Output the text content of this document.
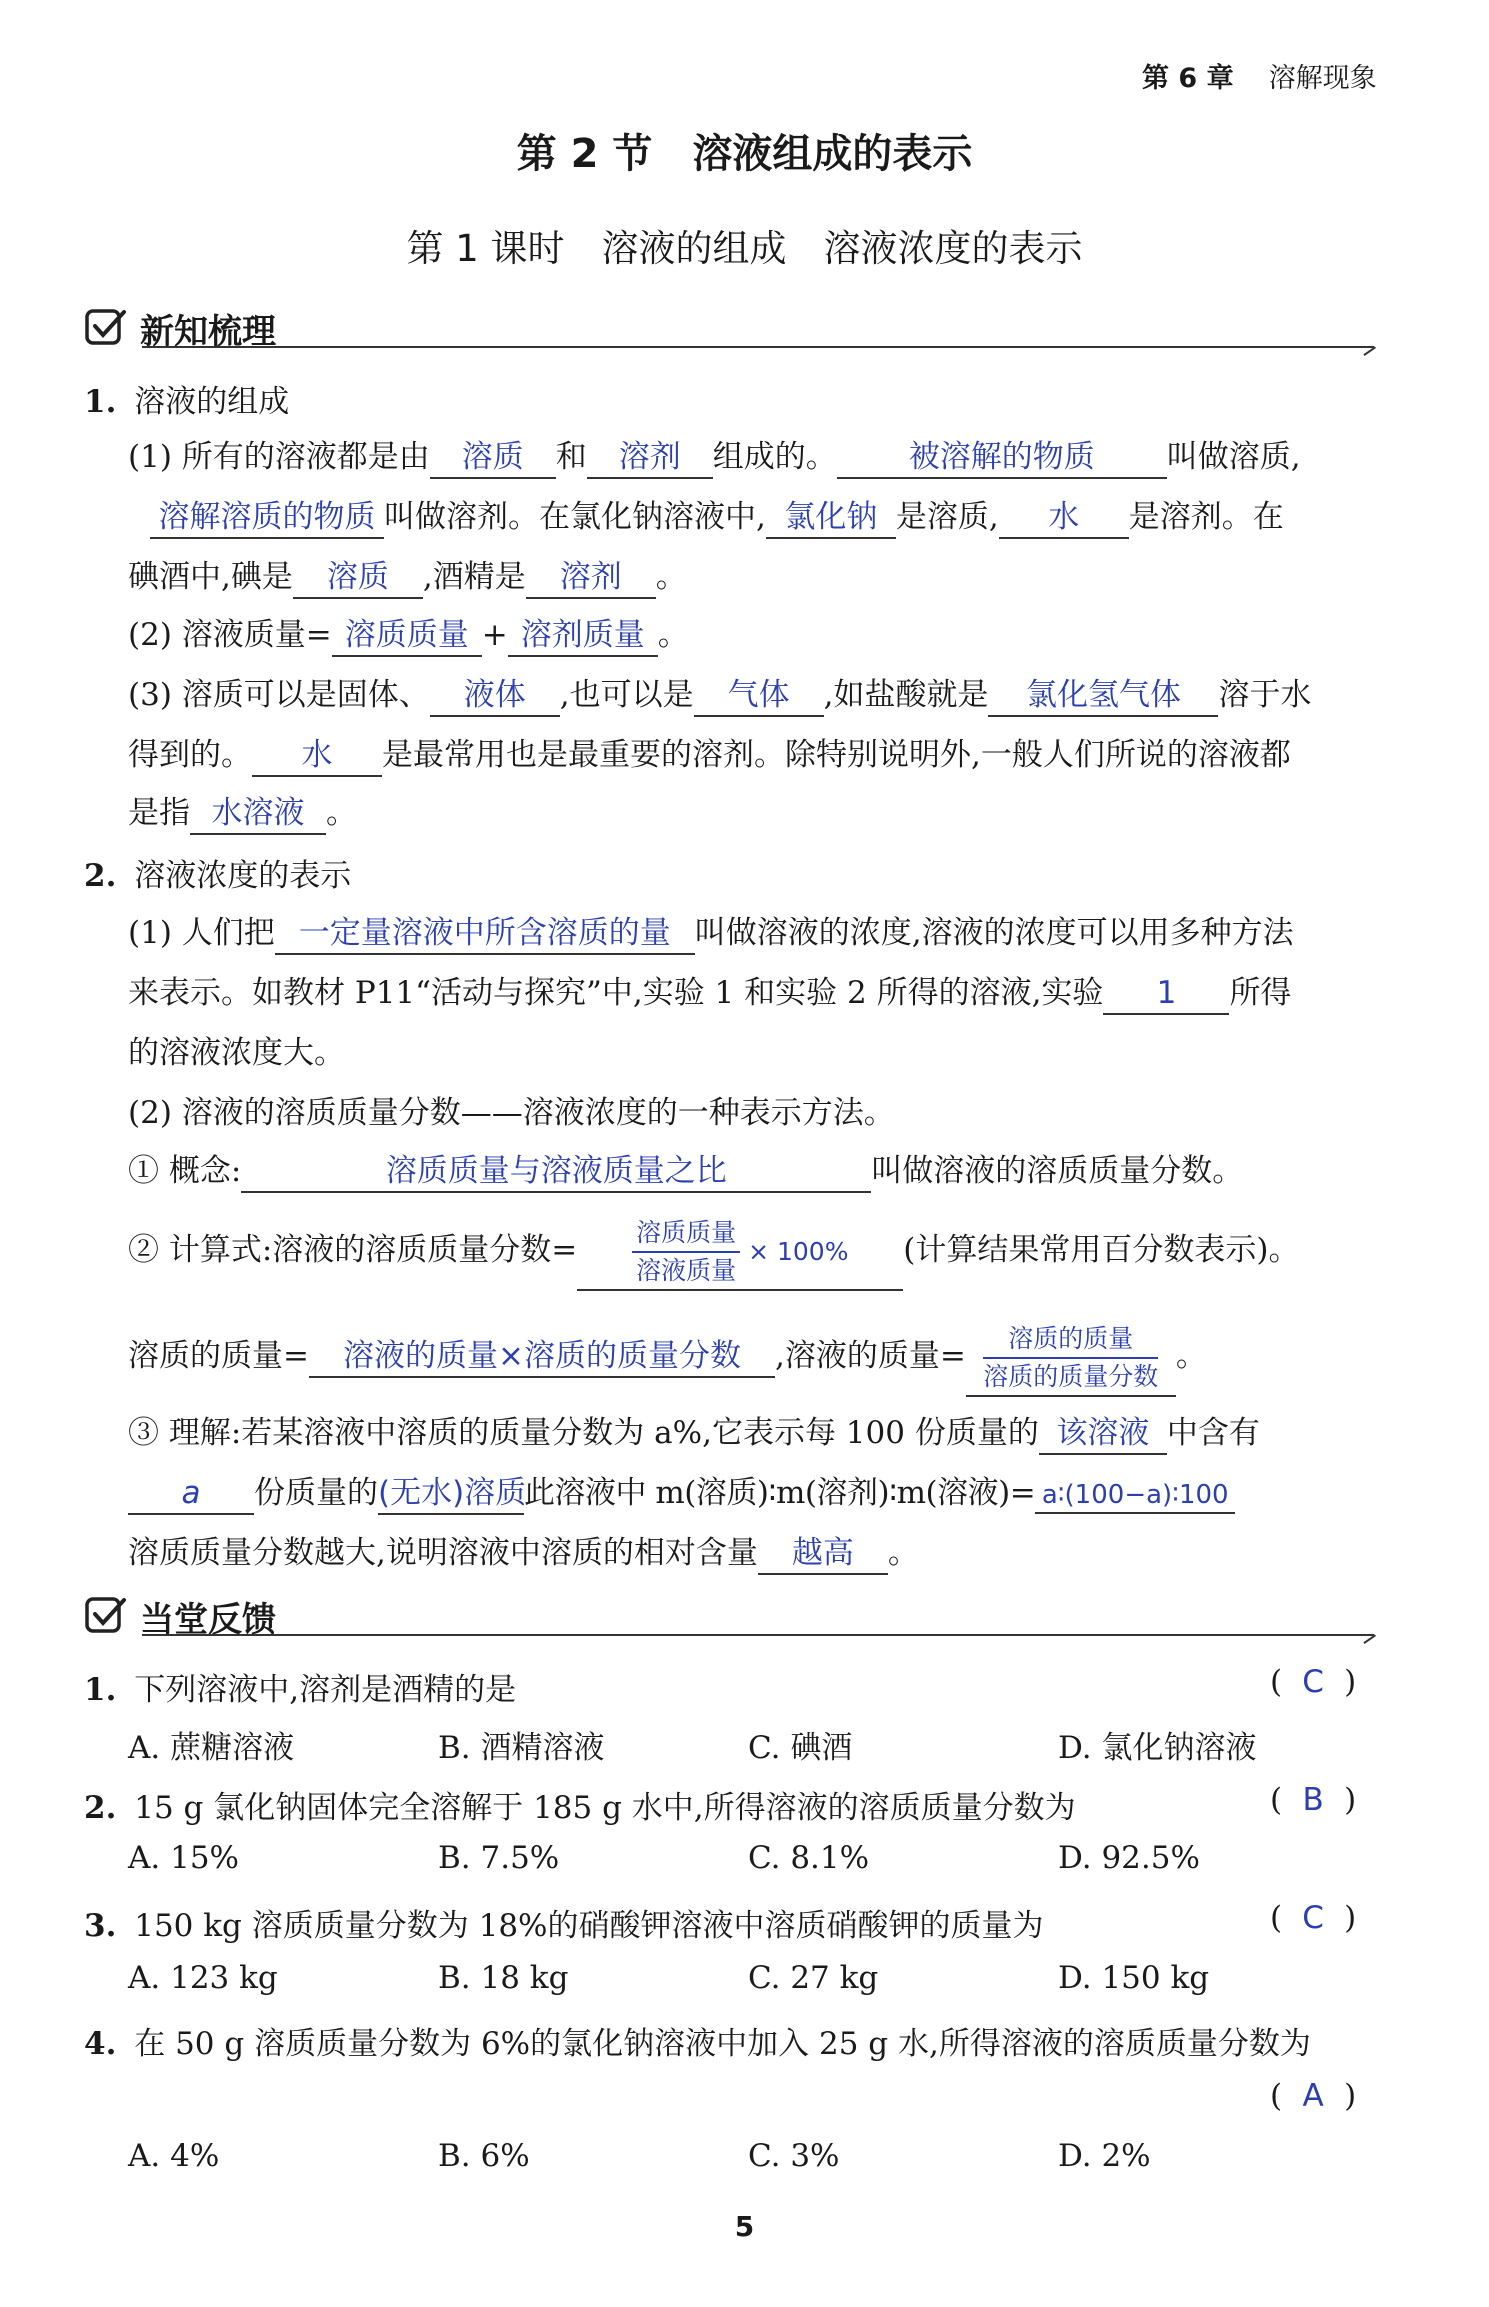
第 6 章 溶解现象
第 2 节　溶液组成的表示
第 1 课时　溶液的组成　溶液浓度的表示
新知梳理
1. 溶液的组成
(1) 所有的溶液都是由 溶质 和 溶剂 组成的。 被溶解的物质 叫做溶质,
溶解溶质的物质 叫做溶剂。在氯化钠溶液中, 氯化钠 是溶质, 水 是溶剂。在
碘酒中,碘是 溶质 ,酒精是 溶剂 。
(2) 溶液质量= 溶质质量 + 溶剂质量 。
(3) 溶质可以是固体、 液体 ,也可以是 气体 ,如盐酸就是 氯化氢气体 溶于水
得到的。 水 是最常用也是最重要的溶剂。除特别说明外,一般人们所说的溶液都
是指 水溶液 。
2. 溶液浓度的表示
(1) 人们把 一定量溶液中所含溶质的量 叫做溶液的浓度,溶液的浓度可以用多种方法
来表示。如教材 P11“活动与探究”中,实验 1 和实验 2 所得的溶液,实验 1 所得
的溶液浓度大。
(2) 溶液的溶质质量分数——溶液浓度的一种表示方法。
① 概念:	溶质质量与溶液质量之比	叫做溶液的溶质质量分数。
② 计算式:溶液的溶质质量分数= $\frac{\text{溶质质量}}{\text{溶液质量}} \times 100\%$ (计算结果常用百分数表示)。
溶质的质量= 溶液的质量×溶质的质量分数 ,溶液的质量= $\frac{\text{溶质的质量}}{\text{溶质的质量分数}}$ 。
③ 理解:若某溶液中溶质的质量分数为 a%,它表示每 100 份质量的 该溶液 中含有
a 份质量的(无水)溶质此溶液中 m(溶质)∶m(溶剂)∶m(溶液)= a∶(100−a)∶100
溶质质量分数越大,说明溶液中溶质的相对含量 越高 。
当堂反馈
1. 下列溶液中,溶剂是酒精的是	( C )
A. 蔗糖溶液	B. 酒精溶液	C. 碘酒	D. 氯化钠溶液
2. 15 g 氯化钠固体完全溶解于 185 g 水中,所得溶液的溶质质量分数为	( B )
A. 15%	B. 7.5%	C. 8.1%	D. 92.5%
3. 150 kg 溶质质量分数为 18%的硝酸钾溶液中溶质硝酸钾的质量为	( C )
A. 123 kg	B. 18 kg	C. 27 kg	D. 150 kg
4. 在 50 g 溶质质量分数为 6%的氯化钠溶液中加入 25 g 水,所得溶液的溶质质量分数为
( A )
A. 4%	B. 6%	C. 3%	D. 2%
5
